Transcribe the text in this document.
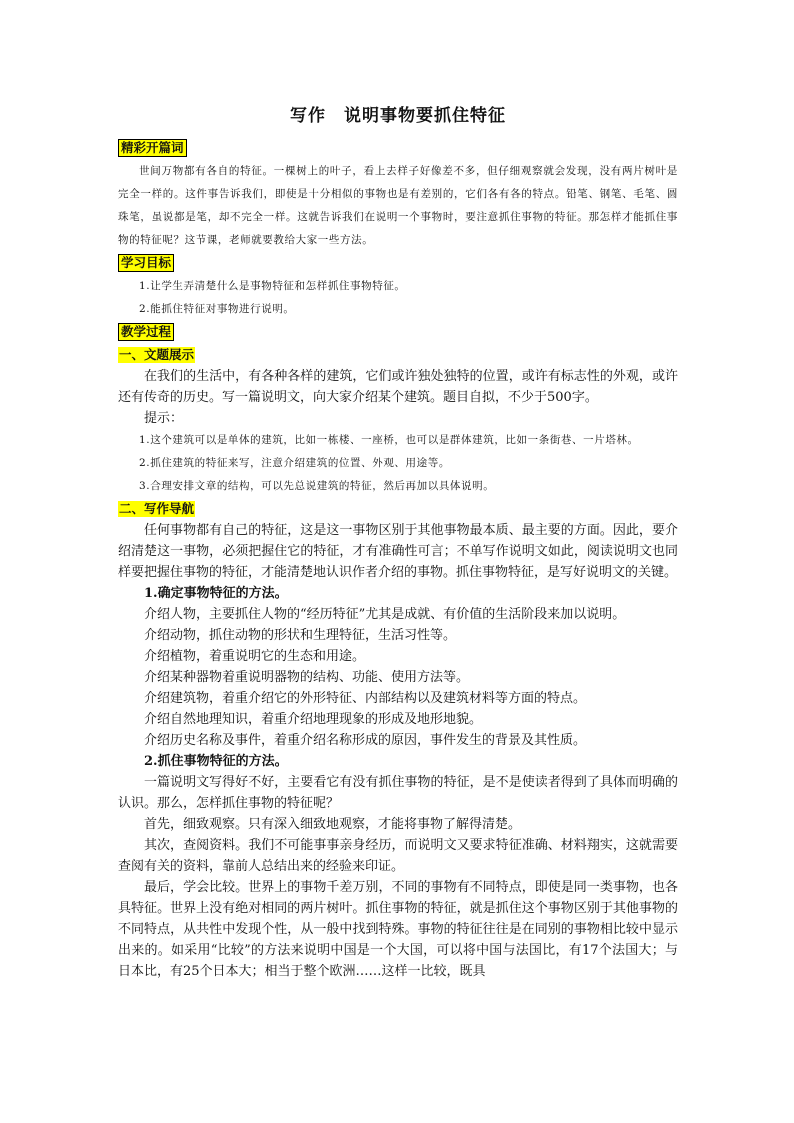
写作　说明事物要抓住特征
精彩开篇词

世间万物都有各自的特征。一棵树上的叶子，看上去样子好像差不多，但仔细观察就会发现，没有两片树叶是完全一样的。这件事告诉我们，即使是十分相似的事物也是有差别的，它们各有各的特点。铅笔、钢笔、毛笔、圆珠笔，虽说都是笔，却不完全一样。这就告诉我们在说明一个事物时，要注意抓住事物的特征。那怎样才能抓住事物的特征呢？这节课，老师就要教给大家一些方法。

学习目标

1.让学生弄清楚什么是事物特征和怎样抓住事物特征。

2.能抓住特征对事物进行说明。

教学过程
一、文题展示

在我们的生活中，有各种各样的建筑，它们或许独处独特的位置，或许有标志性的外观，或许还有传奇的历史。写一篇说明文，向大家介绍某个建筑。题目自拟，不少于500字。

提示：

1.这个建筑可以是单体的建筑，比如一栋楼、一座桥，也可以是群体建筑，比如一条街巷、一片塔林。

2.抓住建筑的特征来写，注意介绍建筑的位置、外观、用途等。

3.合理安排文章的结构，可以先总说建筑的特征，然后再加以具体说明。

二、写作导航

任何事物都有自己的特征，这是这一事物区别于其他事物最本质、最主要的方面。因此，要介绍清楚这一事物，必须把握住它的特征，才有准确性可言；不单写作说明文如此，阅读说明文也同样要把握住事物的特征，才能清楚地认识作者介绍的事物。抓住事物特征，是写好说明文的关键。

1.确定事物特征的方法。

介绍人物，主要抓住人物的“经历特征”尤其是成就、有价值的生活阶段来加以说明。

介绍动物，抓住动物的形状和生理特征，生活习性等。

介绍植物，着重说明它的生态和用途。

介绍某种器物着重说明器物的结构、功能、使用方法等。

介绍建筑物，着重介绍它的外形特征、内部结构以及建筑材料等方面的特点。

介绍自然地理知识，着重介绍地理现象的形成及地形地貌。

介绍历史名称及事件，着重介绍名称形成的原因，事件发生的背景及其性质。

2.抓住事物特征的方法。

一篇说明文写得好不好，主要看它有没有抓住事物的特征，是不是使读者得到了具体而明确的认识。那么，怎样抓住事物的特征呢？

首先，细致观察。只有深入细致地观察，才能将事物了解得清楚。

其次，查阅资料。我们不可能事事亲身经历，而说明文又要求特征准确、材料翔实，这就需要查阅有关的资料，靠前人总结出来的经验来印证。

最后，学会比较。世界上的事物千差万别，不同的事物有不同特点，即使是同一类事物，也各具特征。世界上没有绝对相同的两片树叶。抓住事物的特征，就是抓住这个事物区别于其他事物的不同特点，从共性中发现个性，从一般中找到特殊。事物的特征往往是在同别的事物相比较中显示出来的。如采用“比较”的方法来说明中国是一个大国，可以将中国与法国比，有17个法国大；与日本比，有25个日本大；相当于整个欧洲……这样一比较，既具
